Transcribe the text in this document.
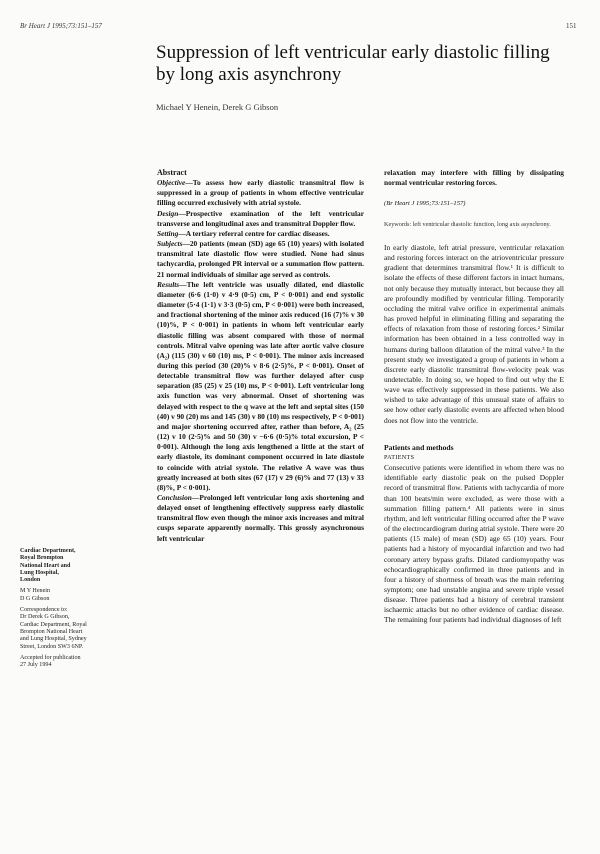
Br Heart J 1995;73:151–157	151
Suppression of left ventricular early diastolic filling by long axis asynchrony
Michael Y Henein, Derek G Gibson
Abstract

Objective—To assess how early diastolic transmitral flow is suppressed in a group of patients in whom effective ventricular filling occurred exclusively with atrial systole.

Design—Prospective examination of the left ventricular transverse and longitudinal axes and transmitral Doppler flow.

Setting—A tertiary referral centre for cardiac diseases.

Subjects—20 patients (mean (SD) age 65 (10) years) with isolated transmitral late diastolic flow were studied. None had sinus tachycardia, prolonged PR interval or a summation flow pattern. 21 normal individuals of similar age served as controls.

Results—The left ventricle was usually dilated, end diastolic diameter (6·6 (1·0) v 4·9 (0·5) cm, P < 0·001) and end systolic diameter (5·4 (1·1) v 3·3 (0·5) cm, P < 0·001) were both increased, and fractional shortening of the minor axis reduced (16 (7)% v 30 (10)%, P < 0·001) in patients in whom left ventricular early diastolic filling was absent compared with those of normal controls. Mitral valve opening was late after aortic valve closure (A₂) (115 (30) v 60 (10) ms, P < 0·001). The minor axis increased during this period (30 (20)% v 8·6 (2·5)%, P < 0·001). Onset of detectable transmitral flow was further delayed after cusp separation (85 (25) v 25 (10) ms, P < 0·001). Left ventricular long axis function was very abnormal. Onset of shortening was delayed with respect to the q wave at the left and septal sites (150 (40) v 90 (20) ms and 145 (30) v 80 (10) ms respectively, P < 0·001) and major shortening occurred after, rather than before, A₂ (25 (12) v 10 (2·5)% and 50 (30) v −6·6 (0·5)% total excursion, P < 0·001). Although the long axis lengthened a little at the start of early diastole, its dominant component occurred in late diastole to coincide with atrial systole. The relative A wave was thus greatly increased at both sites (67 (17) v 29 (6)% and 77 (13) v 33 (8)%, P < 0·001).

Conclusion—Prolonged left ventricular long axis shortening and delayed onset of lengthening effectively suppress early diastolic transmitral flow even though the minor axis increases and mitral cusps separate apparently normally. This grossly asynchronous left ventricular

relaxation may interfere with filling by dissipating normal ventricular restoring forces.

(Br Heart J 1995;73:151–157)

Keywords: left ventricular diastolic function, long axis asynchrony.

In early diastole, left atrial pressure, ventricular relaxation and restoring forces interact on the atrioventricular pressure gradient that determines transmitral flow.¹ It is difficult to isolate the effects of these different factors in intact humans, not only because they mutually interact, but because they all are profoundly modified by ventricular filling. Temporarily occluding the mitral valve orifice in experimental animals has proved helpful in eliminating filling and separating the effects of relaxation from those of restoring forces.² Similar information has been obtained in a less controlled way in humans during balloon dilatation of the mitral valve.³ In the present study we investigated a group of patients in whom a discrete early diastolic transmitral flow-velocity peak was undetectable. In doing so, we hoped to find out why the E wave was effectively suppressed in these patients. We also wished to take advantage of this unusual state of affairs to see how other early diastolic events are affected when blood does not flow into the ventricle.

Patients and methods

PATIENTS

Consecutive patients were identified in whom there was no identifiable early diastolic peak on the pulsed Doppler record of transmitral flow. Patients with tachycardia of more than 100 beats/min were excluded, as were those with a summation filling pattern.⁴ All patients were in sinus rhythm, and left ventricular filling occurred after the P wave of the electrocardiogram during atrial systole. There were 20 patients (15 male) of mean (SD) age 65 (10) years. Four patients had a history of myocardial infarction and two had coronary artery bypass grafts. Dilated cardiomyopathy was echocardiographically confirmed in three patients and in four a history of shortness of breath was the main referring symptom; one had unstable angina and severe triple vessel disease. Three patients had a history of cerebral transient ischaemic attacks but no other evidence of cardiac disease. The remaining four patients had individual diagnoses of left

Cardiac Department,
Royal Brompton
National Heart and
Lung Hospital,
London
M Y Henein
D G Gibson
Correspondence to:
Dr Derek G Gibson,
Cardiac Department, Royal
Brompton National Heart
and Lung Hospital, Sydney
Street, London SW3 6NP.
Accepted for publication
27 July 1994
